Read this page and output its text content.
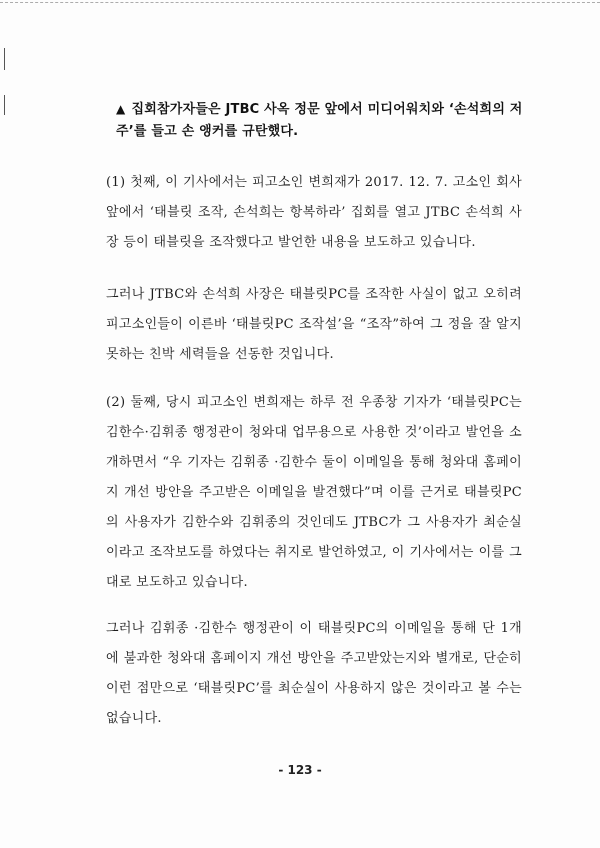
▲ 집회참가자들은 JTBC 사옥 정문 앞에서 미디어워치와 ‘손석희의 저주’를 들고 손 앵커를 규탄했다.
(1) 첫째, 이 기사에서는 피고소인 변희재가 2017. 12. 7. 고소인 회사 앞에서 ‘태블릿 조작, 손석희는 항복하라’ 집회를 열고 JTBC 손석희 사장 등이 태블릿을 조작했다고 발언한 내용을 보도하고 있습니다.
그러나 JTBC와 손석희 사장은 태블릿PC를 조작한 사실이 없고 오히려 피고소인들이 이른바 ‘태블릿PC 조작설’을 “조작”하여 그 정을 잘 알지 못하는 친박 세력들을 선동한 것입니다.
(2) 둘째, 당시 피고소인 변희재는 하루 전 우종창 기자가 ‘태블릿PC는 김한수·김휘종 행정관이 청와대 업무용으로 사용한 것’이라고 발언을 소개하면서 “우 기자는 김휘종 ·김한수 둘이 이메일을 통해 청와대 홈페이지 개선 방안을 주고받은 이메일을 발견했다”며 이를 근거로 태블릿PC의 사용자가 김한수와 김휘종의 것인데도 JTBC가 그 사용자가 최순실이라고 조작보도를 하였다는 취지로 발언하였고, 이 기사에서는 이를 그대로 보도하고 있습니다.
그러나 김휘종 ·김한수 행정관이 이 태블릿PC의 이메일을 통해 단 1개에 불과한 청와대 홈페이지 개선 방안을 주고받았는지와 별개로, 단순히 이런 점만으로 ‘태블릿PC’를 최순실이 사용하지 않은 것이라고 볼 수는 없습니다.
- 123 -
